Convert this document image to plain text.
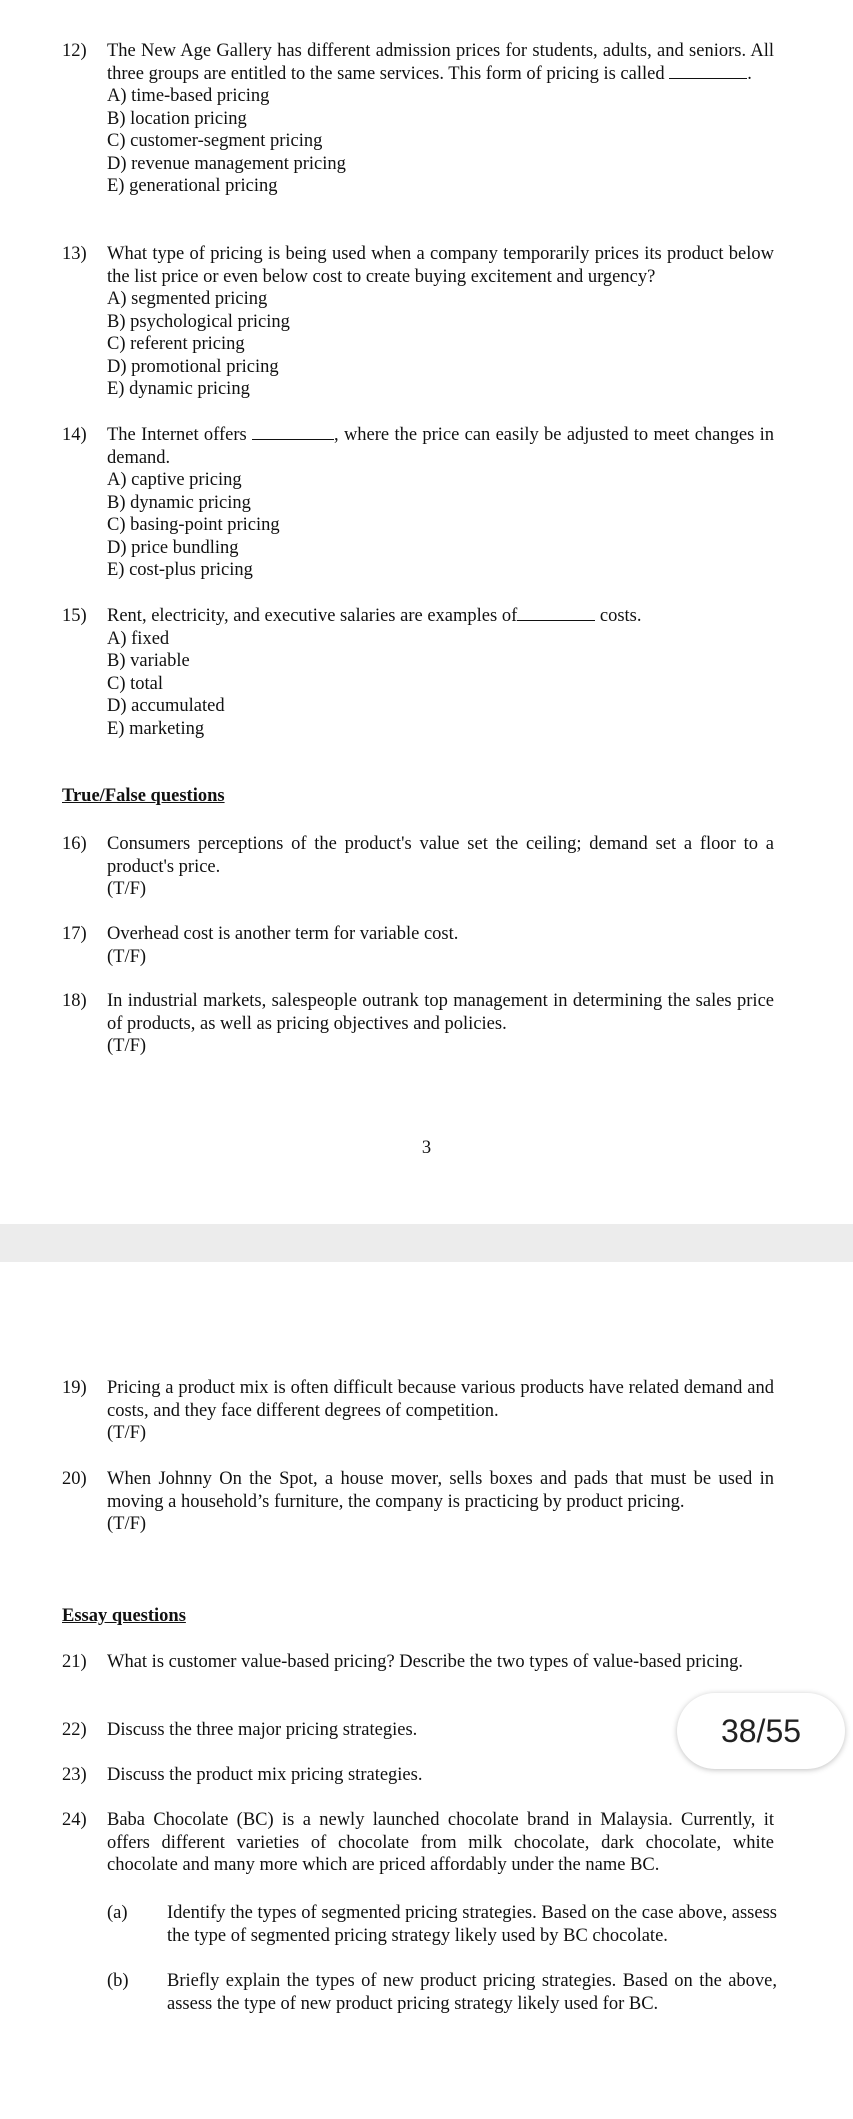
12)	The New Age Gallery has different admission prices for students, adults, and seniors. All three groups are entitled to the same services. This form of pricing is called	.
A) time-based pricing
B) location pricing
C) customer-segment pricing
D) revenue management pricing
E) generational pricing
13)	What type of pricing is being used when a company temporarily prices its product below the list price or even below cost to create buying excitement and urgency?
A) segmented pricing
B) psychological pricing
C) referent pricing
D) promotional pricing
E) dynamic pricing
14)	The Internet offers	, where the price can easily be adjusted to meet changes in demand.
A) captive pricing
B) dynamic pricing
C) basing-point pricing
D) price bundling
E) cost-plus pricing
15)	Rent, electricity, and executive salaries are examples of	costs.
A) fixed
B) variable
C) total
D) accumulated
E) marketing
True/False questions
16)	Consumers perceptions of the product's value set the ceiling; demand set a floor to a product's price.
(T/F)
17)	Overhead cost is another term for variable cost.
(T/F)
18)	In industrial markets, salespeople outrank top management in determining the sales price of products, as well as pricing objectives and policies.
(T/F)
3
19)	Pricing a product mix is often difficult because various products have related demand and costs, and they face different degrees of competition.
(T/F)
20)	When Johnny On the Spot, a house mover, sells boxes and pads that must be used in moving a household’s furniture, the company is practicing by product pricing.
(T/F)
Essay questions
21)	What is customer value-based pricing? Describe the two types of value-based pricing.
22)	Discuss the three major pricing strategies.
23)	Discuss the product mix pricing strategies.
24)	Baba Chocolate (BC) is a newly launched chocolate brand in Malaysia. Currently, it offers different varieties of chocolate from milk chocolate, dark chocolate, white chocolate and many more which are priced affordably under the name BC.
(a) Identify the types of segmented pricing strategies. Based on the case above, assess the type of segmented pricing strategy likely used by BC chocolate.
(b) Briefly explain the types of new product pricing strategies. Based on the above, assess the type of new product pricing strategy likely used for BC.
38/55
